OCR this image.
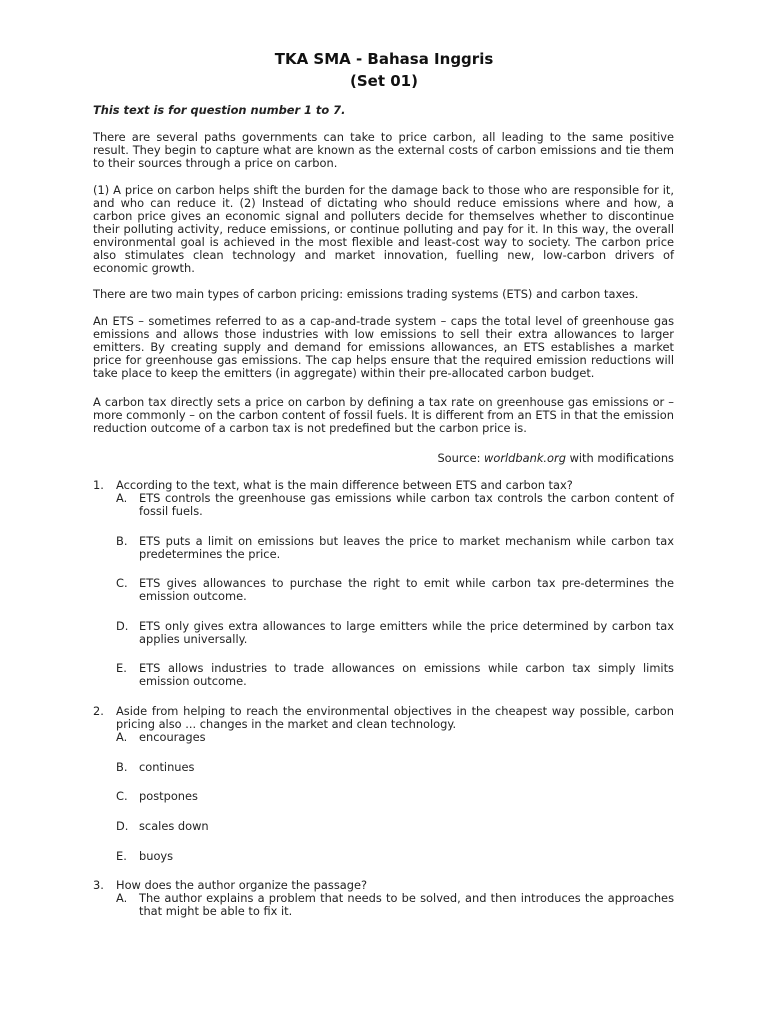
TKA SMA - Bahasa Inggris
(Set 01)
This text is for question number 1 to 7.

There are several paths governments can take to price carbon, all leading to the same positive result. They begin to capture what are known as the external costs of carbon emissions and tie them to their sources through a price on carbon.

(1) A price on carbon helps shift the burden for the damage back to those who are responsible for it, and who can reduce it. (2) Instead of dictating who should reduce emissions where and how, a carbon price gives an economic signal and polluters decide for themselves whether to discontinue their polluting activity, reduce emissions, or continue polluting and pay for it. In this way, the overall environmental goal is achieved in the most flexible and least-cost way to society. The carbon price also stimulates clean technology and market innovation, fuelling new, low-carbon drivers of economic growth.

There are two main types of carbon pricing: emissions trading systems (ETS) and carbon taxes.

An ETS – sometimes referred to as a cap-and-trade system – caps the total level of greenhouse gas emissions and allows those industries with low emissions to sell their extra allowances to larger emitters. By creating supply and demand for emissions allowances, an ETS establishes a market price for greenhouse gas emissions. The cap helps ensure that the required emission reductions will take place to keep the emitters (in aggregate) within their pre-allocated carbon budget.

A carbon tax directly sets a price on carbon by defining a tax rate on greenhouse gas emissions or – more commonly – on the carbon content of fossil fuels. It is different from an ETS in that the emission reduction outcome of a carbon tax is not predefined but the carbon price is.

Source: worldbank.org with modifications
1. According to the text, what is the main difference between ETS and carbon tax?
A. ETS controls the greenhouse gas emissions while carbon tax controls the carbon content of fossil fuels.
B. ETS puts a limit on emissions but leaves the price to market mechanism while carbon tax predetermines the price.
C. ETS gives allowances to purchase the right to emit while carbon tax pre-determines the emission outcome.
D. ETS only gives extra allowances to large emitters while the price determined by carbon tax applies universally.
E. ETS allows industries to trade allowances on emissions while carbon tax simply limits emission outcome.
2. Aside from helping to reach the environmental objectives in the cheapest way possible, carbon pricing also ... changes in the market and clean technology.
A. encourages
B. continues
C. postpones
D. scales down
E. buoys
3. How does the author organize the passage?
A. The author explains a problem that needs to be solved, and then introduces the approaches that might be able to fix it.
